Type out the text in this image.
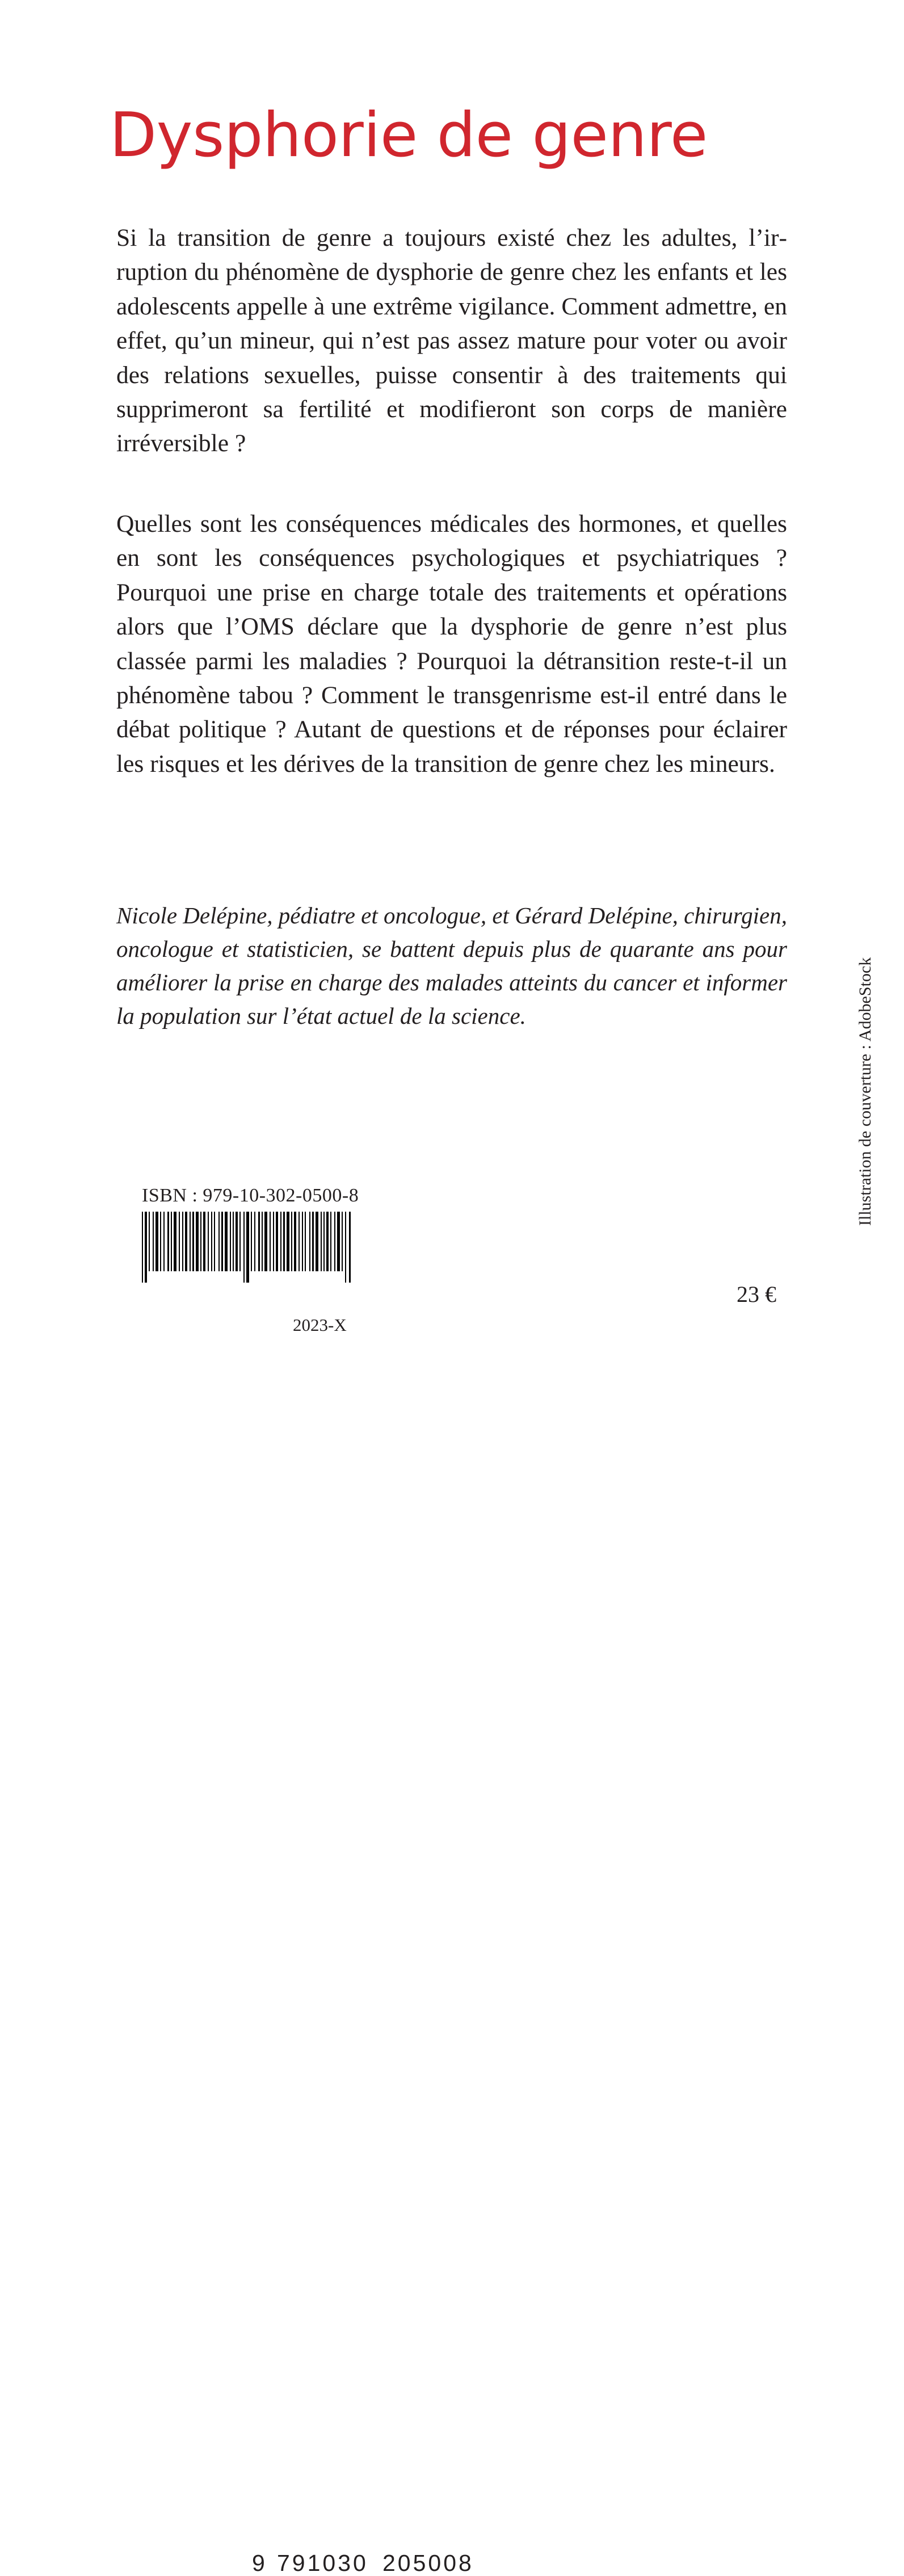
Dysphorie de genre

Si la transition de genre a toujours existé chez les adultes, l’irruption du phénomène de dysphorie de genre chez les enfants et les adolescents appelle à une extrême vigilance. Comment admettre, en effet, qu’un mineur, qui n’est pas assez mature pour voter ou avoir des relations sexuelles, puisse consentir à des traitements qui supprimeront sa fertilité et modifieront son corps de manière irréversible ?

Quelles sont les conséquences médicales des hormones, et quelles en sont les conséquences psychologiques et psychiatriques ? Pourquoi une prise en charge totale des traitements et opérations alors que l’OMS déclare que la dysphorie de genre n’est plus classée parmi les maladies ? Pourquoi la détransition reste-t-il un phénomène tabou ? Comment le transgenrisme est-il entré dans le débat politique ? Autant de questions et de réponses pour éclairer les risques et les dérives de la transition de genre chez les mineurs.

Nicole Delépine, pédiatre et oncologue, et Gérard Delépine, chirurgien, oncologue et statisticien, se battent depuis plus de quarante ans pour améliorer la prise en charge des malades atteints du cancer et informer la population sur l’état actuel de la science.	Illustration de couverture : AdobeStock
ISBN : 979-10-302-0500-8
9 791030 205008
2023-X
23 €
